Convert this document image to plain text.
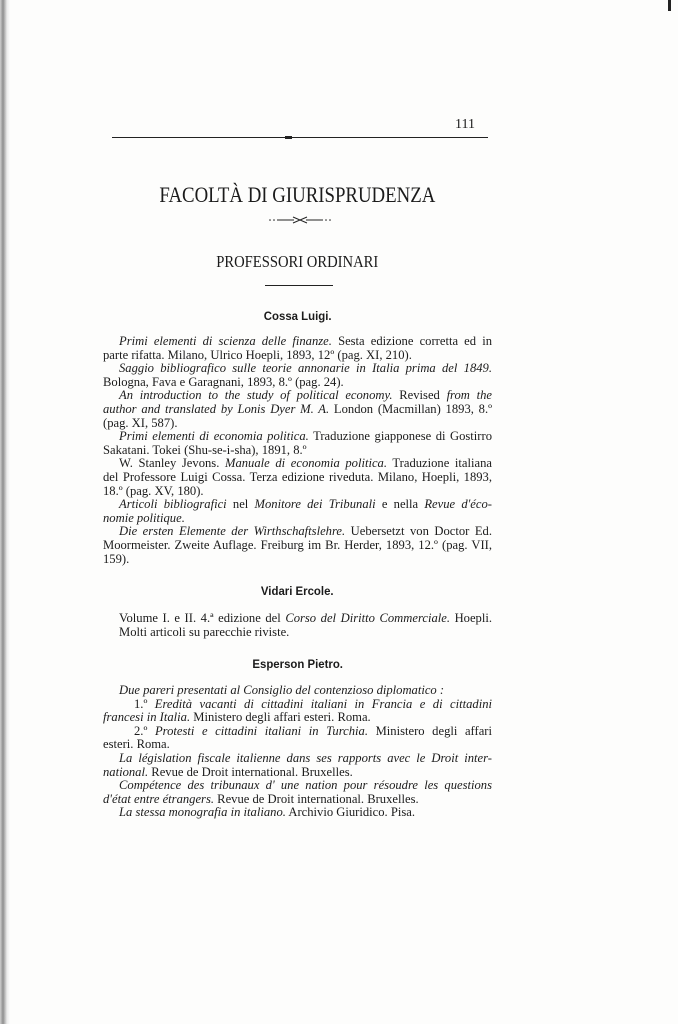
111
FACOLTÀ DI GIURISPRUDENZA
PROFESSORI ORDINARI
Cossa Luigi.
Primi elementi di scienza delle finanze. Sesta edizione corretta ed in
parte rifatta. Milano, Ulrico Hoepli, 1893, 12º (pag. XI, 210).
Saggio bibliografico sulle teorie annonarie in Italia prima del 1849.
Bologna, Fava e Garagnani, 1893, 8.º (pag. 24).
An introduction to the study of political economy. Revised from the
author and translated by Lonis Dyer M. A. London (Macmillan) 1893, 8.º
(pag. XI, 587).
Primi elementi di economia politica. Traduzione giapponese di Gostirro
Sakatani. Tokei (Shu-se-i-sha), 1891, 8.º
W. Stanley Jevons. Manuale di economia politica. Traduzione italiana
del Professore Luigi Cossa. Terza edizione riveduta. Milano, Hoepli, 1893,
18.º (pag. XV, 180).
Articoli bibliografici nel Monitore dei Tribunali e nella Revue d'éco-
nomie politique.
Die ersten Elemente der Wirthschaftslehre. Uebersetzt von Doctor Ed.
Moormeister. Zweite Auflage. Freiburg im Br. Herder, 1893, 12.º (pag. VII,
159).
Vidari Ercole.
Volume I. e II. 4.ª edizione del Corso del Diritto Commerciale. Hoepli.
Molti articoli su parecchie riviste.
Esperson Pietro.
Due pareri presentati al Consiglio del contenzioso diplomatico :
1.º Eredità vacanti di cittadini italiani in Francia e di cittadini
francesi in Italia. Ministero degli affari esteri. Roma.
2.º Protesti e cittadini italiani in Turchia. Ministero degli affari
esteri. Roma.
La législation fiscale italienne dans ses rapports avec le Droit inter-
national. Revue de Droit international. Bruxelles.
Compétence des tribunaux d' une nation pour résoudre les questions
d'état entre étrangers. Revue de Droit international. Bruxelles.
La stessa monografia in italiano. Archivio Giuridico. Pisa.
